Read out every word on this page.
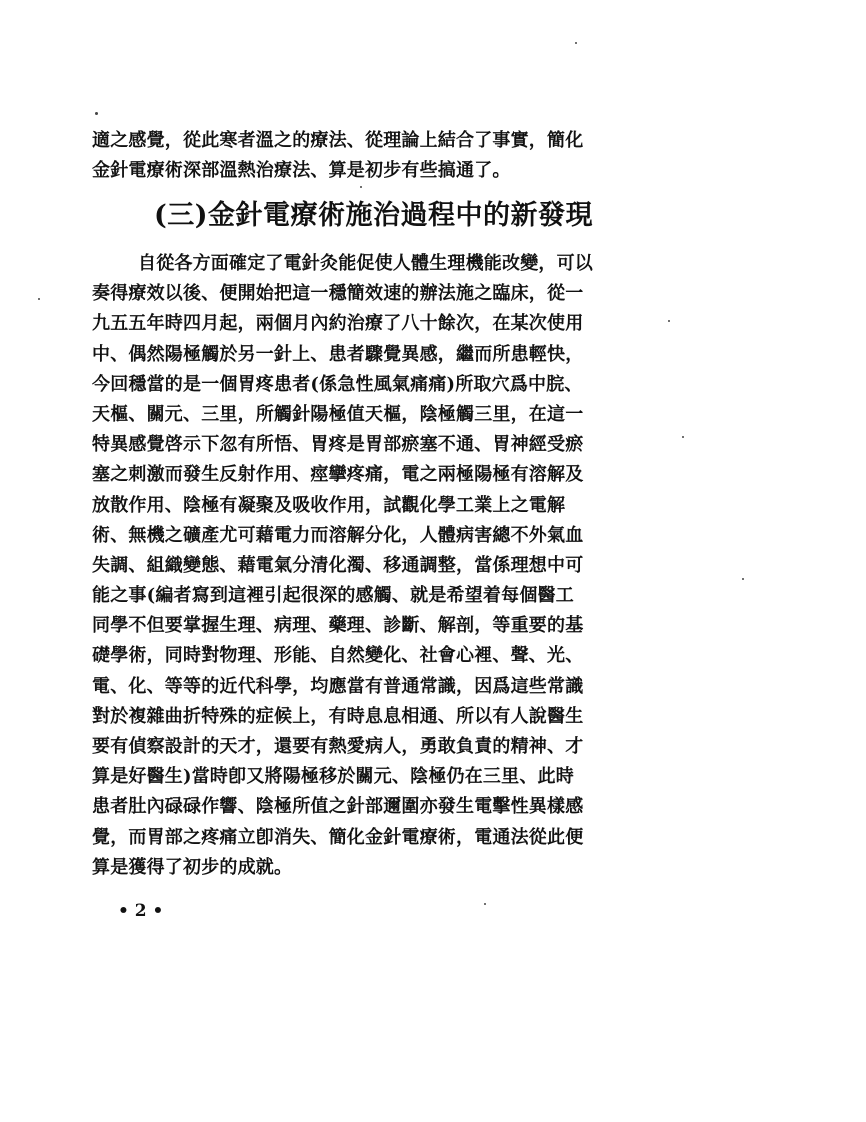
適之感覺，從此寒者溫之的療法、從理論上結合了事實，簡化
金針電療術深部溫熱治療法、算是初步有些搞通了。
(三)金針電療術施治過程中的新發現
自從各方面確定了電針灸能促使人體生理機能改變，可以
奏得療效以後、便開始把這一穩簡效速的辦法施之臨床，從一
九五五年時四月起，兩個月內約治療了八十餘次，在某次使用
中、偶然陽極觸於另一針上、患者驟覺異感，繼而所患輕快，
今回穩當的是一個胃疼患者(係急性風氣痛痛)所取穴爲中脘、
天樞、關元、三里，所觸針陽極值天樞，陰極觸三里，在這一
特異感覺啓示下忽有所悟、胃疼是胃部瘀塞不通、胃神經受瘀
塞之刺激而發生反射作用、痙攣疼痛，電之兩極陽極有溶解及
放散作用、陰極有凝聚及吸收作用，試觀化學工業上之電解
術、無機之礦產尤可藉電力而溶解分化，人體病害總不外氣血
失調、組織變態、藉電氣分清化濁、移通調整，當係理想中可
能之事(編者寫到這裡引起很深的感觸、就是希望着每個醫工
同學不但要掌握生理、病理、藥理、診斷、解剖，等重要的基
礎學術，同時對物理、形能、自然變化、社會心裡、聲、光、
電、化、等等的近代科學，均應當有普通常識，因爲這些常識
對於複雜曲折特殊的症候上，有時息息相通、所以有人說醫生
要有偵察設計的天才，還要有熱愛病人，勇敢負責的精神、才
算是好醫生)當時卽又將陽極移於關元、陰極仍在三里、此時
患者肚內碌碌作響、陰極所值之針部邇圍亦發生電擊性異樣感
覺，而胃部之疼痛立卽消失、簡化金針電療術，電通法從此便
算是獲得了初步的成就。
• 2 •
